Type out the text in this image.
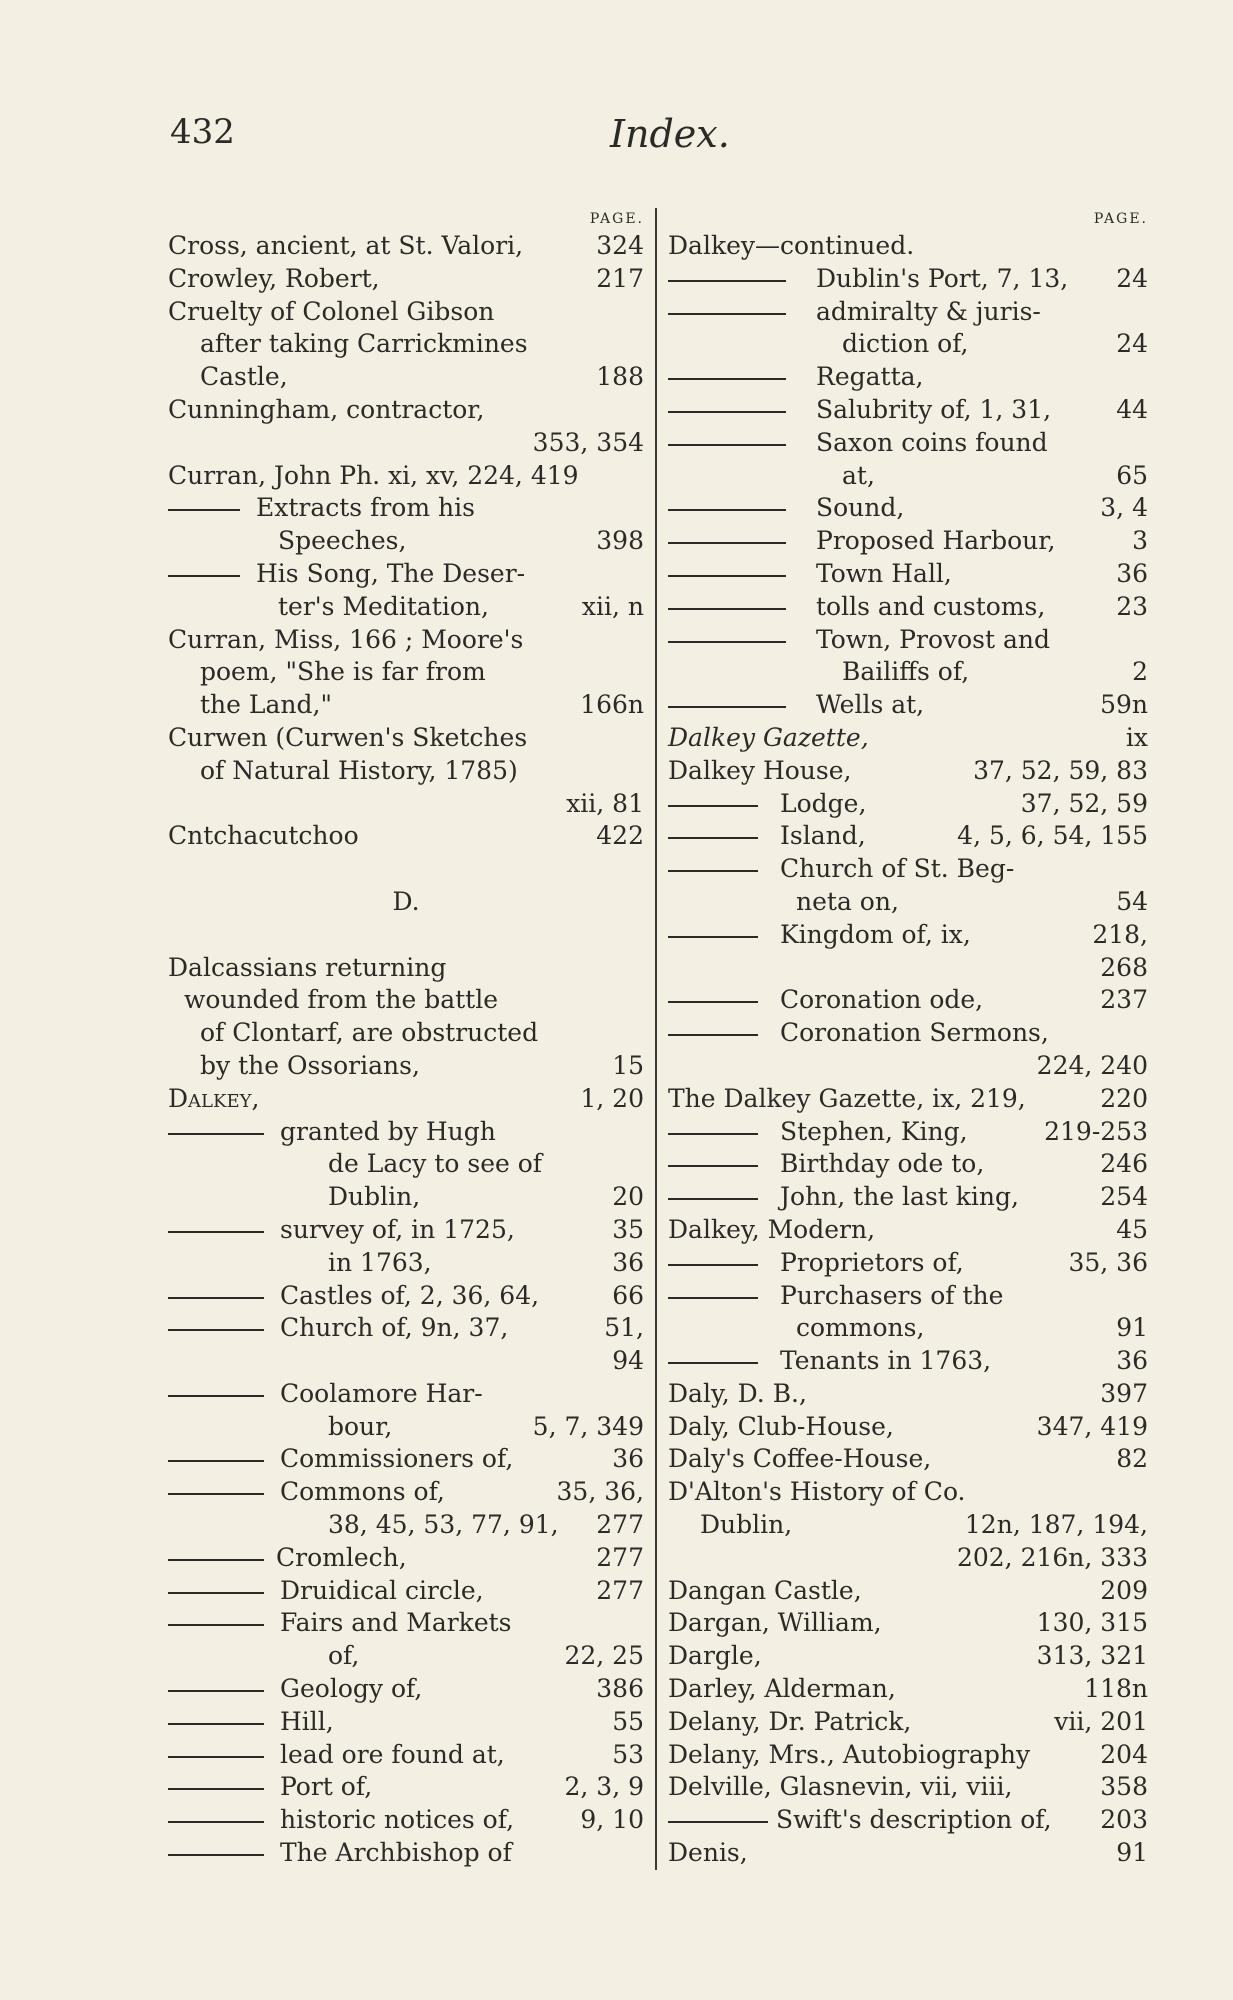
432	Index.
PAGE.
Cross, ancient, at St. Valori,	324
Crowley, Robert,	217
Cruelty of Colonel Gibson
after taking Carrickmines
Castle,	188
Cunningham, contractor,
353, 354
Curran, John Ph. xi, xv, 224, 419
Extracts from his
Speeches,	398
His Song, The Deser-
ter's Meditation,	xii, n
Curran, Miss, 166 ; Moore's
poem, "She is far from
the Land,"	166n
Curwen (Curwen's Sketches
of Natural History, 1785)
xii, 81
Cntchacutchoo	422
D.
Dalcassians returning
wounded from the battle
of Clontarf, are obstructed
by the Ossorians,	15
Dalkey,	1, 20
granted by Hugh
de Lacy to see of
Dublin,	20
survey of, in 1725,	35
in 1763,	36
Castles of, 2, 36, 64,	66
Church of, 9n, 37,	51,
94
Coolamore Har-
bour,	5, 7, 349
Commissioners of,	36
Commons of,	35, 36,
38, 45, 53, 77, 91, 277
Cromlech,	277
Druidical circle,	277
Fairs and Markets
of,	22, 25
Geology of,	386
Hill,	55
lead ore found at,	53
Port of,	2, 3, 9
historic notices of,	9, 10
The Archbishop of
PAGE.
Dalkey—continued.
Dublin's Port, 7, 13, 24
admiralty & juris-
diction of,	24
Regatta,
Salubrity of, 1, 31,	44
Saxon coins found
at,	65
Sound,	3, 4
Proposed Harbour,	3
Town Hall,	36
tolls and customs,	23
Town, Provost and
Bailiffs of,	2
Wells at,	59n
Dalkey Gazette,	ix
Dalkey House,	37, 52, 59, 83
Lodge,	37, 52, 59
Island,	4, 5, 6, 54, 155
Church of St. Beg-
neta on,	54
Kingdom of, ix,	218,
268
Coronation ode,	237
Coronation Sermons,
224, 240
The Dalkey Gazette, ix, 219,	220
Stephen, King,	219-253
Birthday ode to,	246
John, the last king,	254
Dalkey, Modern,	45
Proprietors of,	35, 36
Purchasers of the
commons,	91
Tenants in 1763,	36
Daly, D. B.,	397
Daly, Club-House,	347, 419
Daly's Coffee-House,	82
D'Alton's History of Co.
Dublin,	12n, 187, 194,
202, 216n, 333
Dangan Castle,	209
Dargan, William,	130, 315
Dargle,	313, 321
Darley, Alderman,	118n
Delany, Dr. Patrick,	vii, 201
Delany, Mrs., Autobiography	204
Delville, Glasnevin, vii, viii,	358
Swift's description of, 203
Denis,	91
